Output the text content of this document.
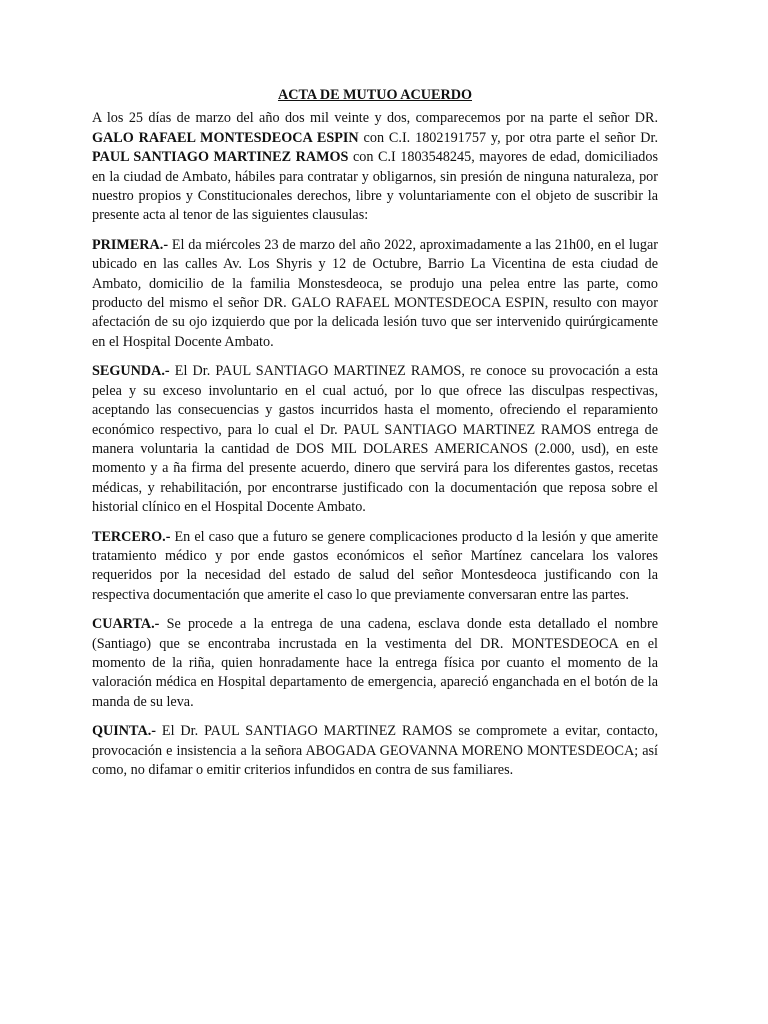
ACTA DE MUTUO ACUERDO

A los 25 días de marzo del año dos mil veinte y dos, comparecemos por na parte el señor DR. GALO RAFAEL MONTESDEOCA ESPIN con C.I. 1802191757 y, por otra parte el señor Dr. PAUL SANTIAGO MARTINEZ RAMOS con C.I 1803548245, mayores de edad, domiciliados en la ciudad de Ambato, hábiles para contratar y obligarnos, sin presión de ninguna naturaleza, por nuestro propios y Constitucionales derechos, libre y voluntariamente con el objeto de suscribir la presente acta al tenor de las siguientes clausulas:

PRIMERA.- El da miércoles 23 de marzo del año 2022, aproximadamente a las 21h00, en el lugar ubicado en las calles Av. Los Shyris y 12 de Octubre, Barrio La Vicentina de esta ciudad de Ambato, domicilio de la familia Monstesdeoca, se produjo una pelea entre las parte, como producto del mismo el señor DR. GALO RAFAEL MONTESDEOCA ESPIN, resulto con mayor afectación de su ojo izquierdo que por la delicada lesión tuvo que ser intervenido quirúrgicamente en el Hospital Docente Ambato.

SEGUNDA.- El Dr. PAUL SANTIAGO MARTINEZ RAMOS, re conoce su provocación a esta pelea y su exceso involuntario en el cual actuó, por lo que ofrece las disculpas respectivas, aceptando las consecuencias y gastos incurridos hasta el momento, ofreciendo el reparamiento económico respectivo, para lo cual el Dr. PAUL SANTIAGO MARTINEZ RAMOS entrega de manera voluntaria la cantidad de DOS MIL DOLARES AMERICANOS (2.000, usd), en este momento y a ña firma del presente acuerdo, dinero que servirá para los diferentes gastos, recetas médicas, y rehabilitación, por encontrarse justificado con la documentación que reposa sobre el historial clínico en el Hospital Docente Ambato.

TERCERO.- En el caso que a futuro se genere complicaciones producto d la lesión y que amerite tratamiento médico y por ende gastos económicos el señor Martínez cancelara los valores requeridos por la necesidad del estado de salud del señor Montesdeoca justificando con la respectiva documentación que amerite el caso lo que previamente conversaran entre las partes.

CUARTA.- Se procede a la entrega de una cadena, esclava donde esta detallado el nombre (Santiago) que se encontraba incrustada en la vestimenta del DR. MONTESDEOCA en el momento de la riña, quien honradamente hace la entrega física por cuanto el momento de la valoración médica en Hospital departamento de emergencia, apareció enganchada en el botón de la manda de su leva.

QUINTA.- El Dr. PAUL SANTIAGO MARTINEZ RAMOS se compromete a evitar, contacto, provocación e insistencia a la señora ABOGADA GEOVANNA MORENO MONTESDEOCA; así como, no difamar o emitir criterios infundidos en contra de sus familiares.
